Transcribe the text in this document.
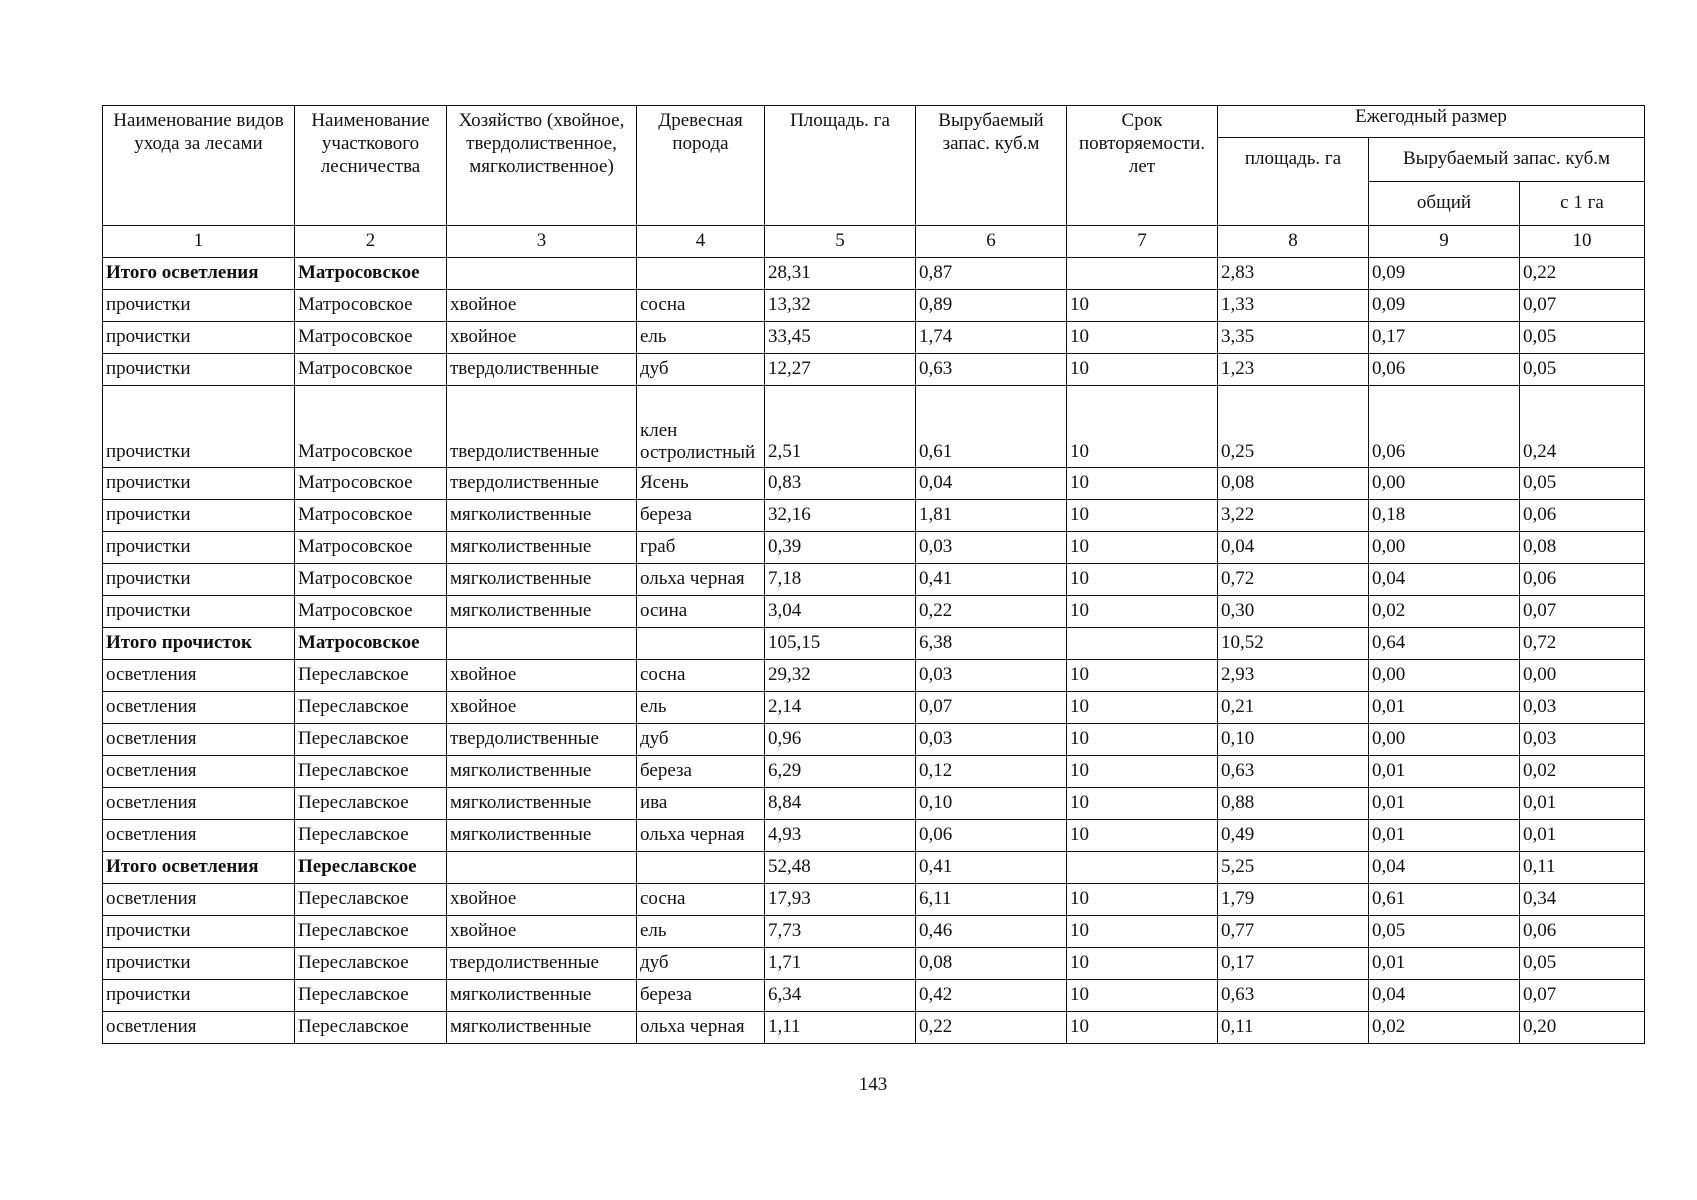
Наименование видов ухода за лесами	Наименование участкового лесничества	Хозяйство (хвойное, твердолиственное, мягколиственное)	Древесная порода	Площадь. га	Вырубаемый запас. куб.м	Срок повторяемости. лет	Ежегодный размер		
							площадь. га	Вырубаемый запас. куб.м	
								общий	с 1 га
1	2	3	4	5	6	7	8	9	10
Итого осветления	Матросовское			28,31	0,87		2,83	0,09	0,22
прочистки	Матросовское	хвойное	сосна	13,32	0,89	10	1,33	0,09	0,07
прочистки	Матросовское	хвойное	ель	33,45	1,74	10	3,35	0,17	0,05
прочистки	Матросовское	твердолиственные	дуб	12,27	0,63	10	1,23	0,06	0,05
прочистки	Матросовское	твердолиственные	клен остролистный	2,51	0,61	10	0,25	0,06	0,24
прочистки	Матросовское	твердолиственные	Ясень	0,83	0,04	10	0,08	0,00	0,05
прочистки	Матросовское	мягколиственные	береза	32,16	1,81	10	3,22	0,18	0,06
прочистки	Матросовское	мягколиственные	граб	0,39	0,03	10	0,04	0,00	0,08
прочистки	Матросовское	мягколиственные	ольха черная	7,18	0,41	10	0,72	0,04	0,06
прочистки	Матросовское	мягколиственные	осина	3,04	0,22	10	0,30	0,02	0,07
Итого прочисток	Матросовское			105,15	6,38		10,52	0,64	0,72
осветления	Переславское	хвойное	сосна	29,32	0,03	10	2,93	0,00	0,00
осветления	Переславское	хвойное	ель	2,14	0,07	10	0,21	0,01	0,03
осветления	Переславское	твердолиственные	дуб	0,96	0,03	10	0,10	0,00	0,03
осветления	Переславское	мягколиственные	береза	6,29	0,12	10	0,63	0,01	0,02
осветления	Переславское	мягколиственные	ива	8,84	0,10	10	0,88	0,01	0,01
осветления	Переславское	мягколиственные	ольха черная	4,93	0,06	10	0,49	0,01	0,01
Итого осветления	Переславское			52,48	0,41		5,25	0,04	0,11
осветления	Переславское	хвойное	сосна	17,93	6,11	10	1,79	0,61	0,34
прочистки	Переславское	хвойное	ель	7,73	0,46	10	0,77	0,05	0,06
прочистки	Переславское	твердолиственные	дуб	1,71	0,08	10	0,17	0,01	0,05
прочистки	Переславское	мягколиственные	береза	6,34	0,42	10	0,63	0,04	0,07
осветления	Переславское	мягколиственные	ольха черная	1,11	0,22	10	0,11	0,02	0,20
143
